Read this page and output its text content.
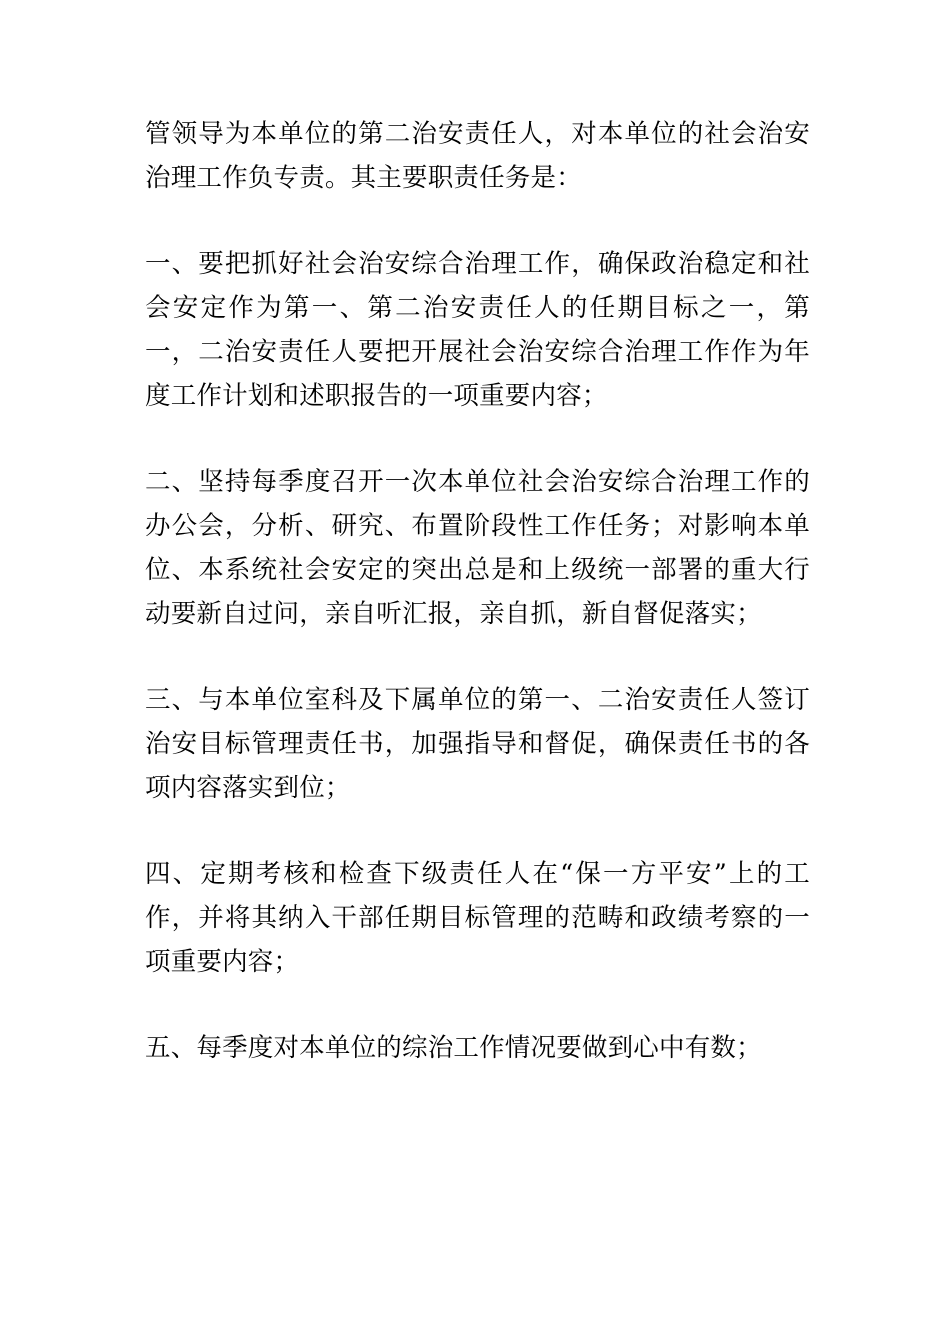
管领导为本单位的第二治安责任人，对本单位的社会治安治理工作负专责。其主要职责任务是：

一、要把抓好社会治安综合治理工作，确保政治稳定和社会安定作为第一、第二治安责任人的任期目标之一，第一，二治安责任人要把开展社会治安综合治理工作作为年度工作计划和述职报告的一项重要内容；

二、坚持每季度召开一次本单位社会治安综合治理工作的办公会，分析、研究、布置阶段性工作任务；对影响本单位、本系统社会安定的突出总是和上级统一部署的重大行动要新自过问，亲自听汇报，亲自抓，新自督促落实；

三、与本单位室科及下属单位的第一、二治安责任人签订治安目标管理责任书，加强指导和督促，确保责任书的各项内容落实到位；

四、定期考核和检查下级责任人在“保一方平安”上的工作，并将其纳入干部任期目标管理的范畴和政绩考察的一项重要内容；

五、每季度对本单位的综治工作情况要做到心中有数；
